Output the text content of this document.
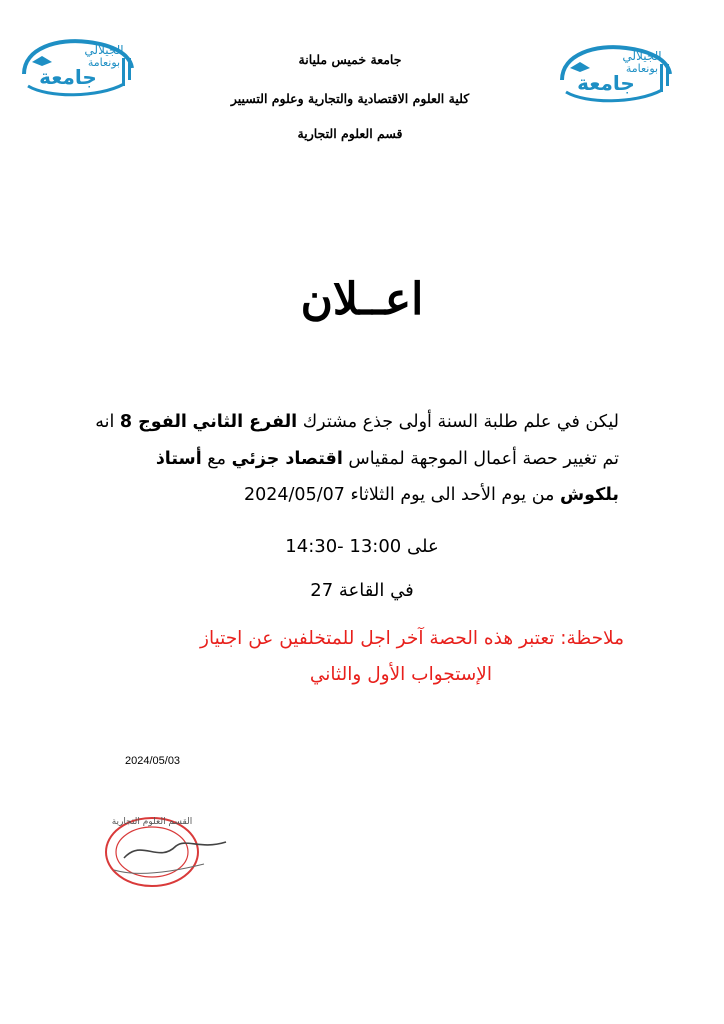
الجيلالي
بونعامة
جامعة
الجيلالي
بونعامة
جامعة
جامعة خميس مليانة
كلية العلوم الاقتصادية والتجارية وعلوم التسيير
قسم العلوم التجارية
اعــلان
ليكن في علم طلبة السنة أولى جذع مشترك الفرع الثاني الفوج 8 انه
تم تغيير حصة أعمال الموجهة لمقياس اقتصاد جزئي مع أستاذ
بلكوش من يوم الأحد الى يوم الثلاثاء 2024/05/07
على 13:00 -14:30
في القاعة 27
ملاحظة: تعتبر هذه الحصة آخر اجل للمتخلفين عن اجتياز
الإستجواب الأول والثاني
2024/05/03
القسم العلوم التجارية
